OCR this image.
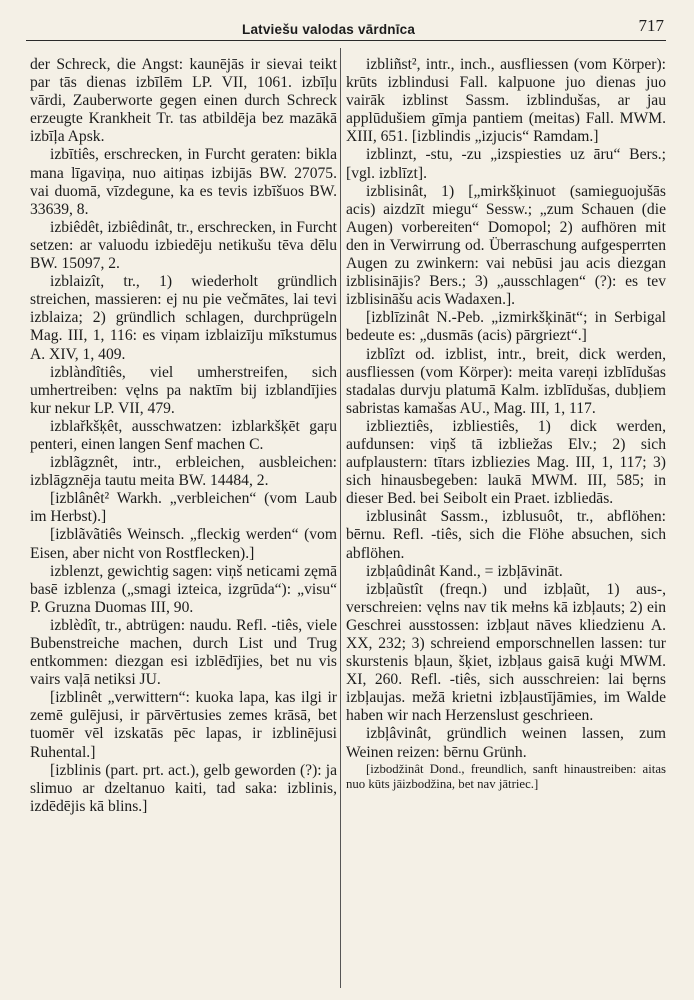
Latviešu valodas vārdnīca	717

der Schreck, die Angst: kaunējās ir sievai teikt par tās dienas izbīlēm LP. VII, 1061. izbīļu vārdi, Zauberworte gegen einen durch Schreck erzeugte Krankheit Tr. tas atbildēja bez mazākā izbīļa Apsk.

izbītiês, erschrecken, in Furcht geraten: bikla mana līgaviņa, nuo aitiņas izbijās BW. 27075. vai duomā, vīzdegune, ka es tevis izbīšuos BW. 33639, 8.

izbiêdêt, izbiêdinât, tr., erschrecken, in Furcht setzen: ar valuodu izbiedēju netikušu tēva dēlu BW. 15097, 2.

izblaizît, tr., 1) wiederholt gründlich streichen, massieren: ej nu pie večmātes, lai tevi izblaiza; 2) gründlich schlagen, durchprügeln Mag. III, 1, 116: es viņam izblaizīju mīkstumus A. XIV, 1, 409.

izblàndîtiês, viel umherstreifen, sich umhertreiben: vęlns pa naktīm bij izblandījies kur nekur LP. VII, 479.

izblařkšķêt, ausschwatzen: izblarkšķēt gaŗu penteri, einen langen Senf machen C.

izblãgznêt, intr., erbleichen, ausbleichen: izblāgznēja tautu meita BW. 14484, 2.

[izblânêt² Warkh. „verbleichen“ (vom Laub im Herbst).]

[izblãvãtiês Weinsch. „fleckig werden“ (vom Eisen, aber nicht von Rostflecken).]

izblenzt, gewichtig sagen: viņš neticami zęmā basē izblenza („smagi izteica, izgrūda“): „visu“ P. Gruzna Duomas III, 90.

izblèdît, tr., abtrügen: naudu. Refl. -tiês, viele Bubenstreiche machen, durch List und Trug entkommen: diezgan esi izblēdījies, bet nu vis vairs vaļā netiksi JU.

[izblinêt „verwittern“: kuoka lapa, kas ilgi ir zemē gulējusi, ir pārvērtusies zemes krāsā, bet tuomēr vēl izskatās pēc lapas, ir izblinējusi Ruhental.]

[izblinis (part. prt. act.), gelb geworden (?): ja slimuo ar dzeltanuo kaiti, tad saka: izblinis, izdēdējis kā blins.]

izbliñst², intr., inch., ausfliessen (vom Körper): krūts izblindusi Fall. kalpuone juo dienas juo vairāk izblinst Sassm. izblindušas, ar jau applūdušiem gīmja pantiem (meitas) Fall. MWM. XIII, 651. [izblindis „izjucis“ Ramdam.]

izblinzt, -stu, -zu „izspiesties uz āru“ Bers.; [vgl. izblīzt].

izblisinât, 1) [„mirkšķinuot (samieguojušās acis) aizdzīt miegu“ Sessw.; „zum Schauen (die Augen) vorbereiten“ Domopol; 2) aufhören mit den in Verwirrung od. Überraschung aufgesperrten Augen zu zwinkern: vai nebūsi jau acis diezgan izblisinājis? Bers.; 3) „ausschlagen“ (?): es tev izblisināšu acis Wadaxen.].

[izblīzinât N.-Peb. „izmirkšķināt“; in Serbigal bedeute es: „dusmās (acis) pārgriezt“.]

izblîzt od. izblist, intr., breit, dick werden, ausfliessen (vom Körper): meita vareņi izblīdušas stadalas durvju platumā Kalm. izblīdušas, dubļiem sabristas kamašas AU., Mag. III, 1, 117.

izblieztiês, izbliestiês, 1) dick werden, aufdunsen: viņš tā izbliežas Elv.; 2) sich aufplaustern: tītars izbliezies Mag. III, 1, 117; 3) sich hinausbegeben: laukā MWM. III, 585; in dieser Bed. bei Seibolt ein Praet. izbliedās.

izblusinât Sassm., izblusuôt, tr., abflöhen: bērnu. Refl. -tiês, sich die Flöhe absuchen, sich abflöhen.

izbļaûdinât Kand., = izbļāvināt.

izbļaũstît (freqn.) und izbļaũt, 1) aus-, verschreien: vęlns nav tik mełns kā izbļauts; 2) ein Geschrei ausstossen: izbļaut nāves kliedzienu A. XX, 232; 3) schreiend emporschnellen lassen: tur skurstenis bļaun, šķiet, izbļaus gaisā kuģi MWM. XI, 260. Refl. -tiês, sich ausschreien: lai bęrns izbļaujas. mežā krietni izbļaustījāmies, im Walde haben wir nach Herzenslust geschrieen.

izbļâvinât, gründlich weinen lassen, zum Weinen reizen: bērnu Grünh.

[izbodžinât Dond., freundlich, sanft hinaustreiben: aitas nuo kūts jāizbodžina, bet nav jātriec.]
